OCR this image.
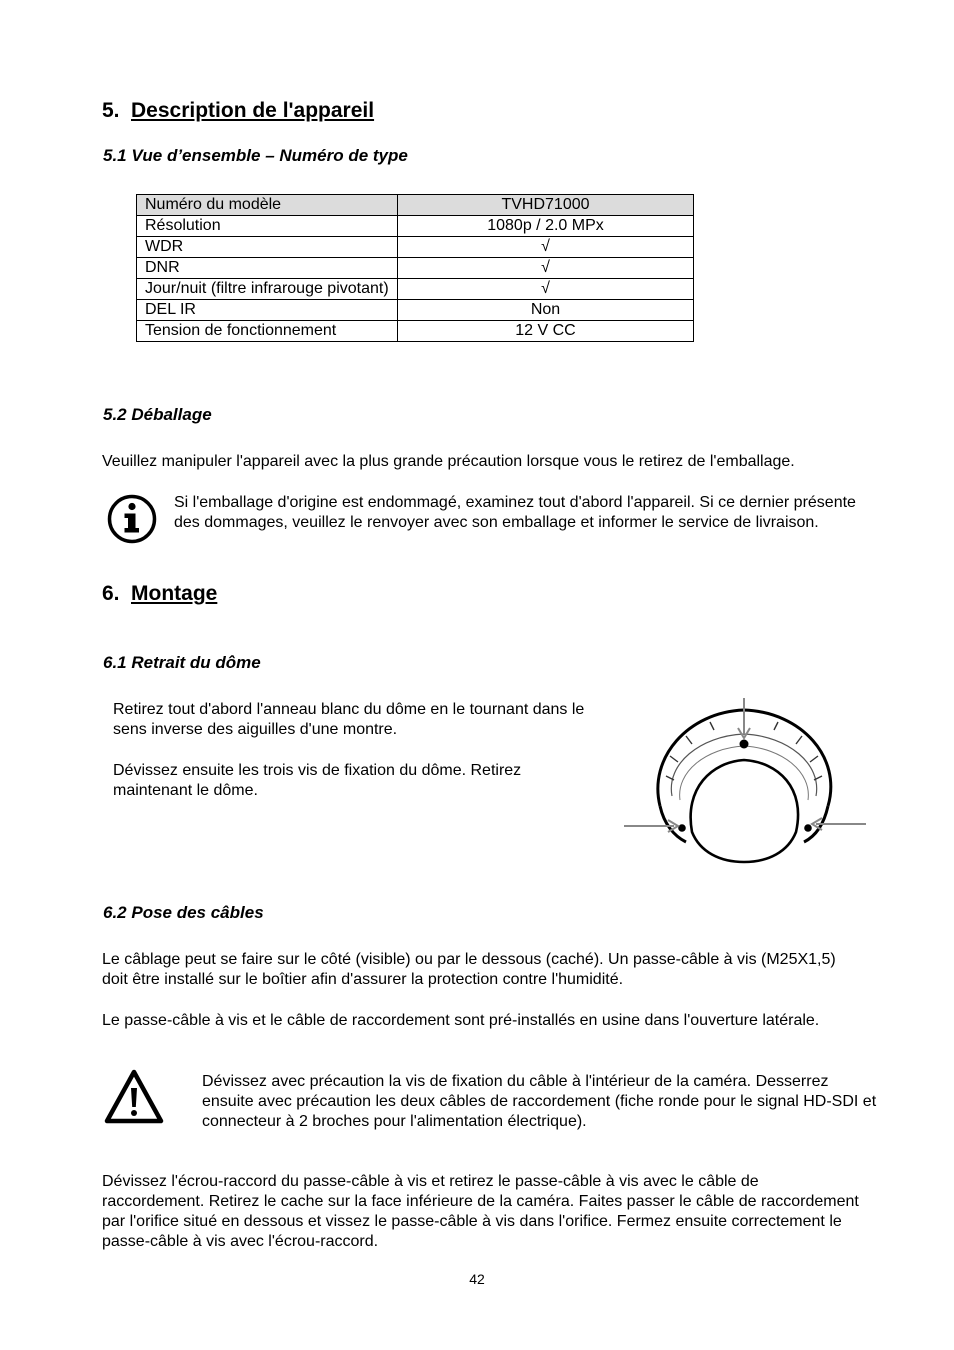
5. Description de l'appareil
5.1 Vue d’ensemble – Numéro de type
Numéro du modèle	TVHD71000
Résolution	1080p / 2.0 MPx
WDR	√
DNR	√
Jour/nuit (filtre infrarouge pivotant)	√
DEL IR	Non
Tension de fonctionnement	12 V CC
5.2 Déballage
Veuillez manipuler l'appareil avec la plus grande précaution lorsque vous le retirez de l'emballage.
Si l'emballage d'origine est endommagé, examinez tout d'abord l'appareil. Si ce dernier présente des dommages, veuillez le renvoyer avec son emballage et informer le service de livraison.
6. Montage
6.1 Retrait du dôme
Retirez tout d'abord l'anneau blanc du dôme en le tournant dans le sens inverse des aiguilles d'une montre.
Dévissez ensuite les trois vis de fixation du dôme. Retirez maintenant le dôme.
6.2 Pose des câbles
Le câblage peut se faire sur le côté (visible) ou par le dessous (caché). Un passe-câble à vis (M25X1,5) doit être installé sur le boîtier afin d'assurer la protection contre l'humidité.
Le passe-câble à vis et le câble de raccordement sont pré-installés en usine dans l'ouverture latérale.
Dévissez avec précaution la vis de fixation du câble à l'intérieur de la caméra. Desserrez ensuite avec précaution les deux câbles de raccordement (fiche ronde pour le signal HD-SDI et connecteur à 2 broches pour l'alimentation électrique).
Dévissez l'écrou-raccord du passe-câble à vis et retirez le passe-câble à vis avec le câble de raccordement. Retirez le cache sur la face inférieure de la caméra. Faites passer le câble de raccordement par l'orifice situé en dessous et vissez le passe-câble à vis dans l'orifice. Fermez ensuite correctement le passe-câble à vis avec l'écrou-raccord.
42
